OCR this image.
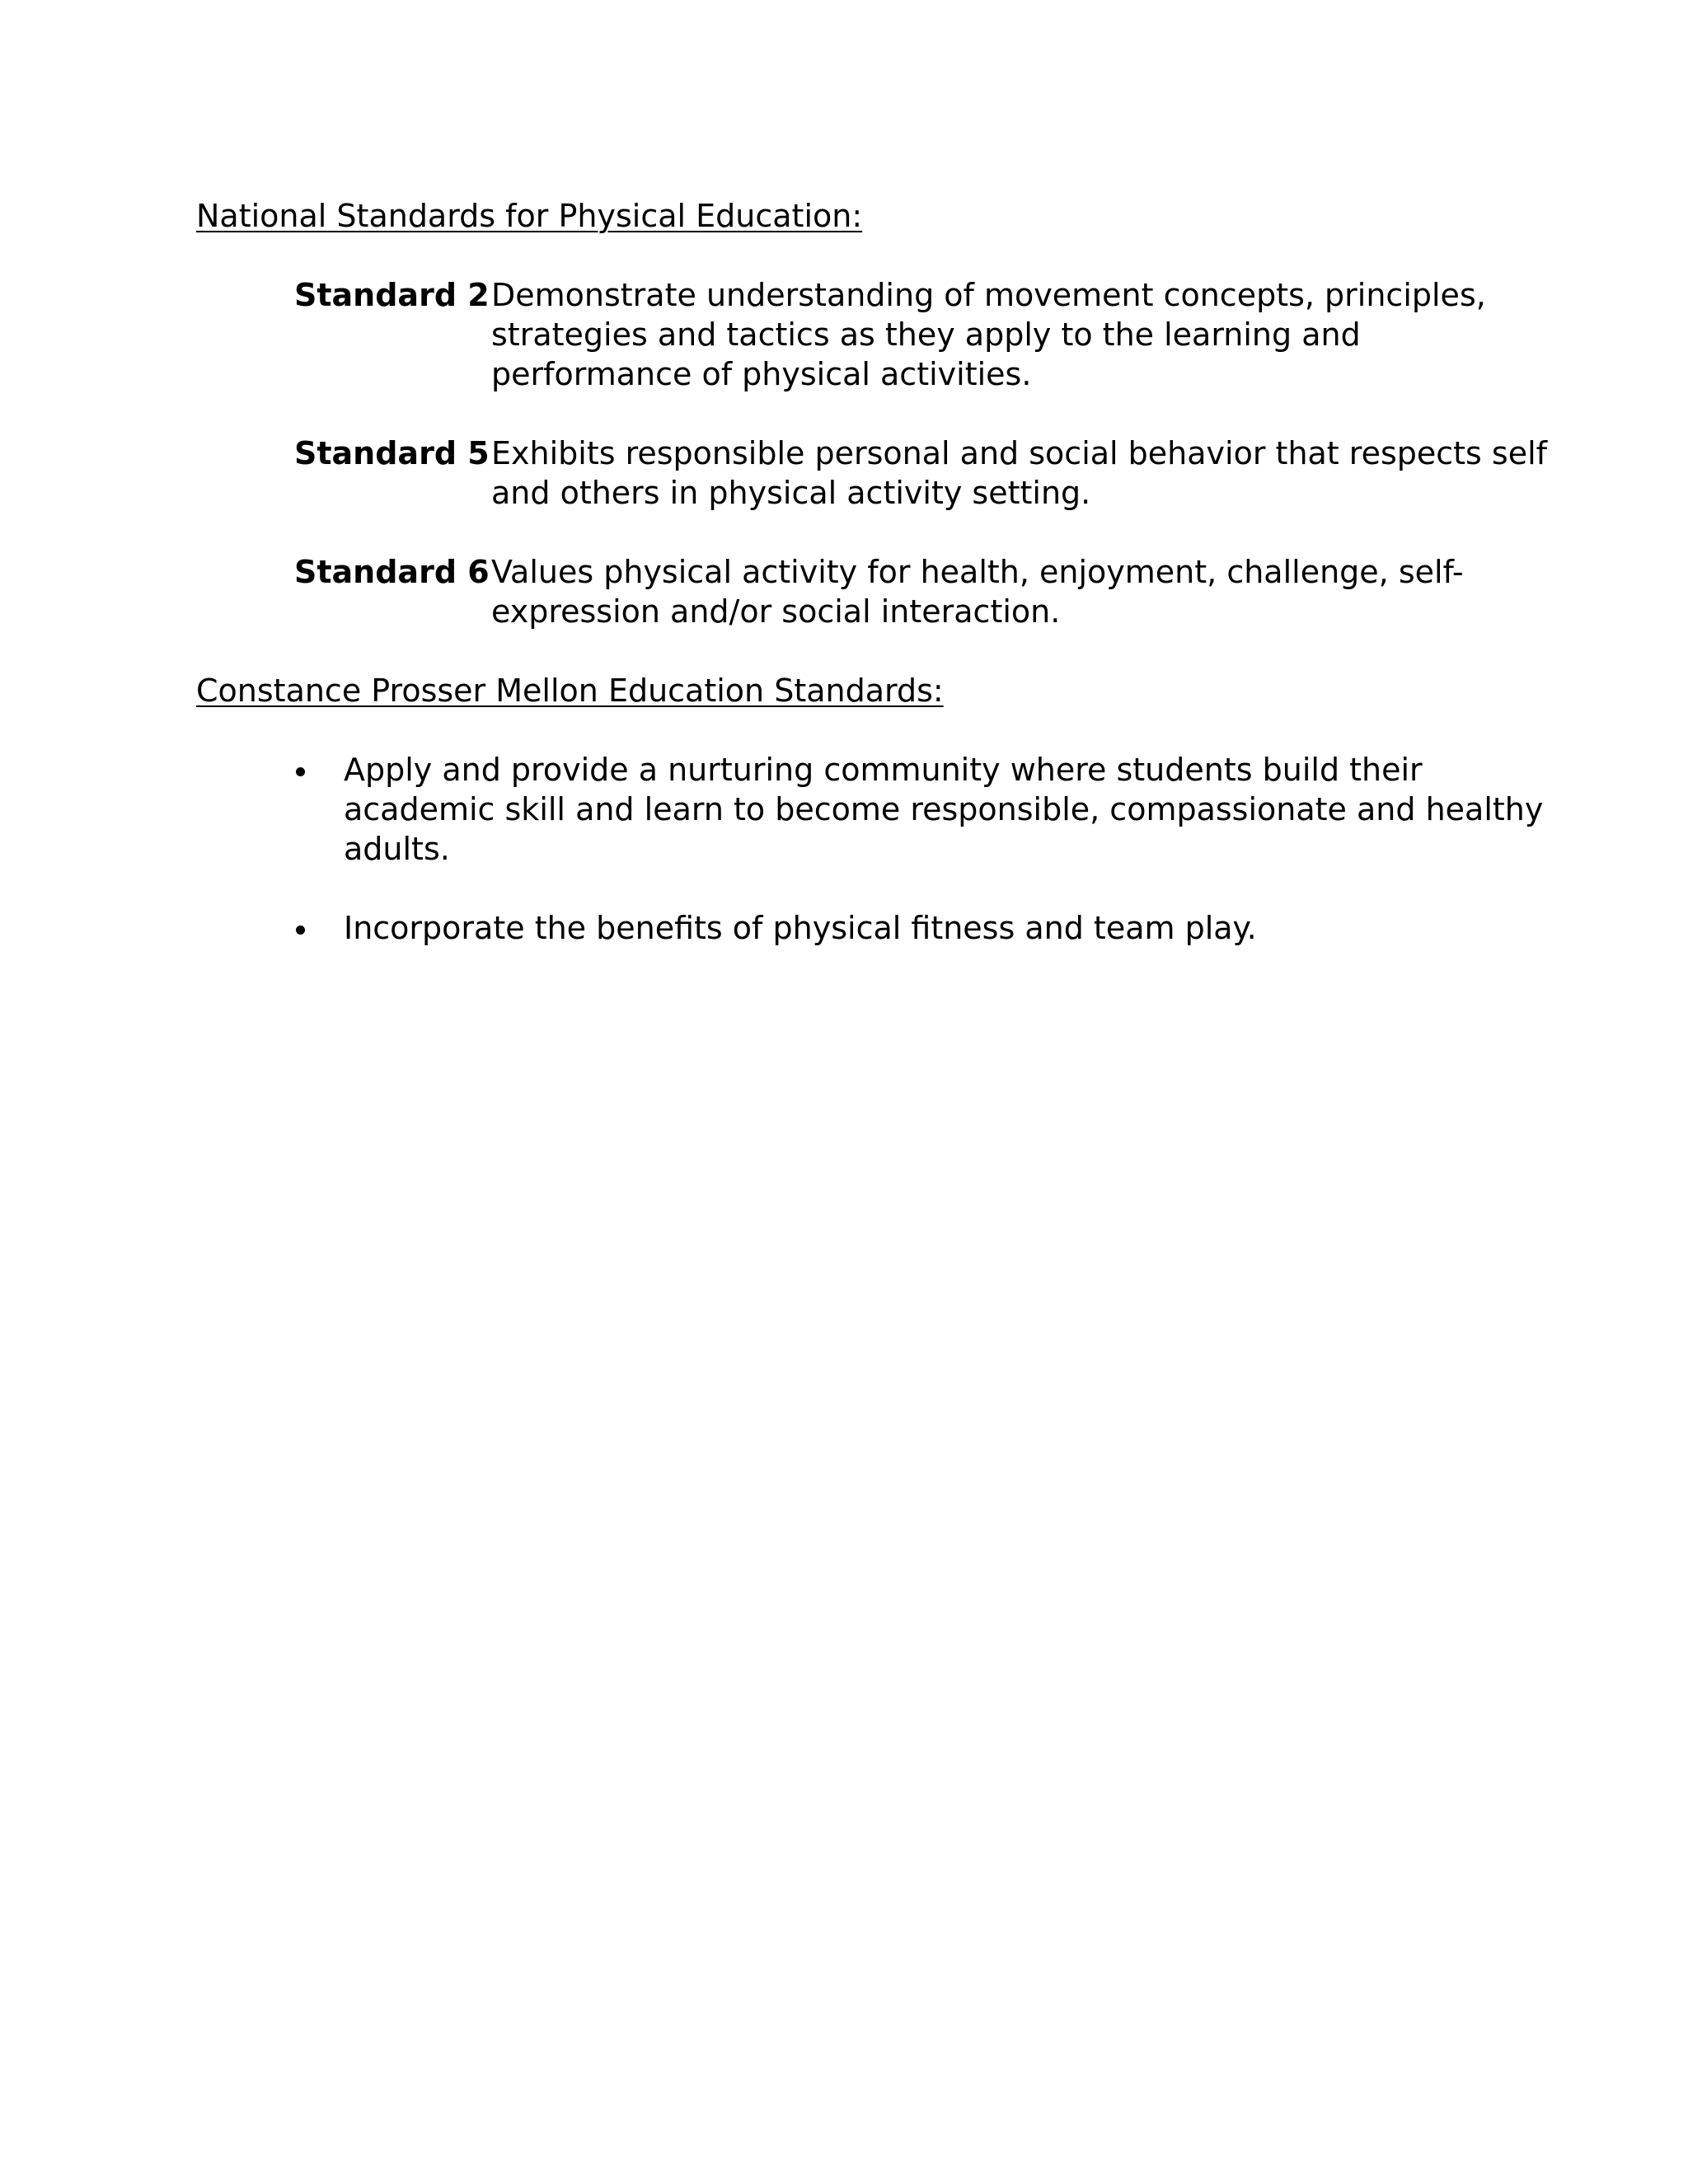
National Standards for Physical Education:
Standard 2 Demonstrate understanding of movement concepts, principles,
strategies and tactics as they apply to the learning and
performance of physical activities.
Standard 5 Exhibits responsible personal and social behavior that respects self
and others in physical activity setting.
Standard 6 Values physical activity for health, enjoyment, challenge, self-
expression and/or social interaction.
Constance Prosser Mellon Education Standards:
Apply and provide a nurturing community where students build their
academic skill and learn to become responsible, compassionate and healthy
adults.
Incorporate the benefits of physical fitness and team play.
